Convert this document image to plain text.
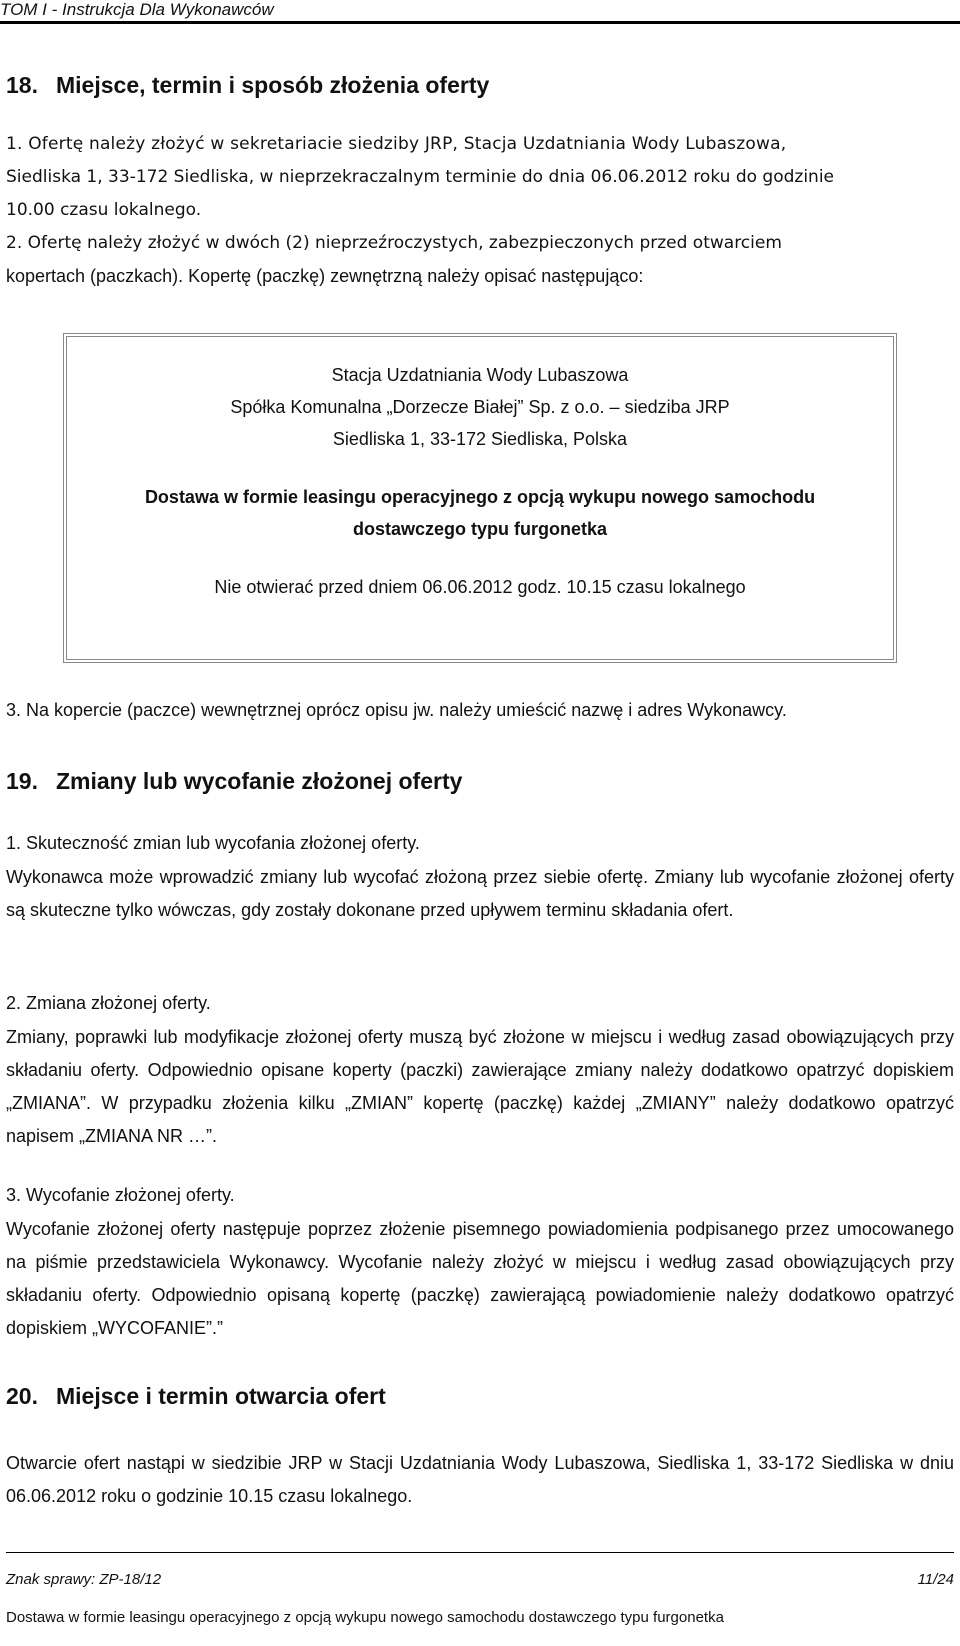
TOM I - Instrukcja Dla Wykonawców
18. Miejsce, termin i sposób złożenia oferty
1. Ofertę należy złożyć w sekretariacie siedziby JRP, Stacja Uzdatniania Wody Lubaszowa,
Siedliska 1, 33-172 Siedliska, w nieprzekraczalnym terminie do dnia 06.06.2012 roku do godzinie
10.00 czasu lokalnego.
2. Ofertę należy złożyć w dwóch (2) nieprzeźroczystych, zabezpieczonych przed otwarciem
kopertach (paczkach). Kopertę (paczkę) zewnętrzną należy opisać następująco:
Stacja Uzdatniania Wody Lubaszowa
Spółka Komunalna „Dorzecze Białej” Sp. z o.o. – siedziba JRP
Siedliska 1, 33-172 Siedliska, Polska
Dostawa w formie leasingu operacyjnego z opcją wykupu nowego samochodu
dostawczego typu furgonetka
Nie otwierać przed dniem 06.06.2012 godz. 10.15 czasu lokalnego
3. Na kopercie (paczce) wewnętrznej oprócz opisu jw. należy umieścić nazwę i adres Wykonawcy.
19. Zmiany lub wycofanie złożonej oferty
1. Skuteczność zmian lub wycofania złożonej oferty.

Wykonawca może wprowadzić zmiany lub wycofać złożoną przez siebie ofertę. Zmiany lub wycofanie złożonej oferty są skuteczne tylko wówczas, gdy zostały dokonane przed upływem terminu składania ofert.

2. Zmiana złożonej oferty.

Zmiany, poprawki lub modyfikacje złożonej oferty muszą być złożone w miejscu i według zasad obowiązujących przy składaniu oferty. Odpowiednio opisane koperty (paczki) zawierające zmiany należy dodatkowo opatrzyć dopiskiem „ZMIANA”. W przypadku złożenia kilku „ZMIAN” kopertę (paczkę) każdej „ZMIANY” należy dodatkowo opatrzyć napisem „ZMIANA NR …”.

3. Wycofanie złożonej oferty.

Wycofanie złożonej oferty następuje poprzez złożenie pisemnego powiadomienia podpisanego przez umocowanego na piśmie przedstawiciela Wykonawcy. Wycofanie należy złożyć w miejscu i według zasad obowiązujących przy składaniu oferty. Odpowiednio opisaną kopertę (paczkę) zawierającą powiadomienie należy dodatkowo opatrzyć dopiskiem „WYCOFANIE”.”

20. Miejsce i termin otwarcia ofert

Otwarcie ofert nastąpi w siedzibie JRP w Stacji Uzdatniania Wody Lubaszowa, Siedliska 1, 33-172 Siedliska w dniu 06.06.2012 roku o godzinie 10.15 czasu lokalnego.

Znak sprawy: ZP-18/12	11/24
Dostawa w formie leasingu operacyjnego z opcją wykupu nowego samochodu dostawczego typu furgonetka
